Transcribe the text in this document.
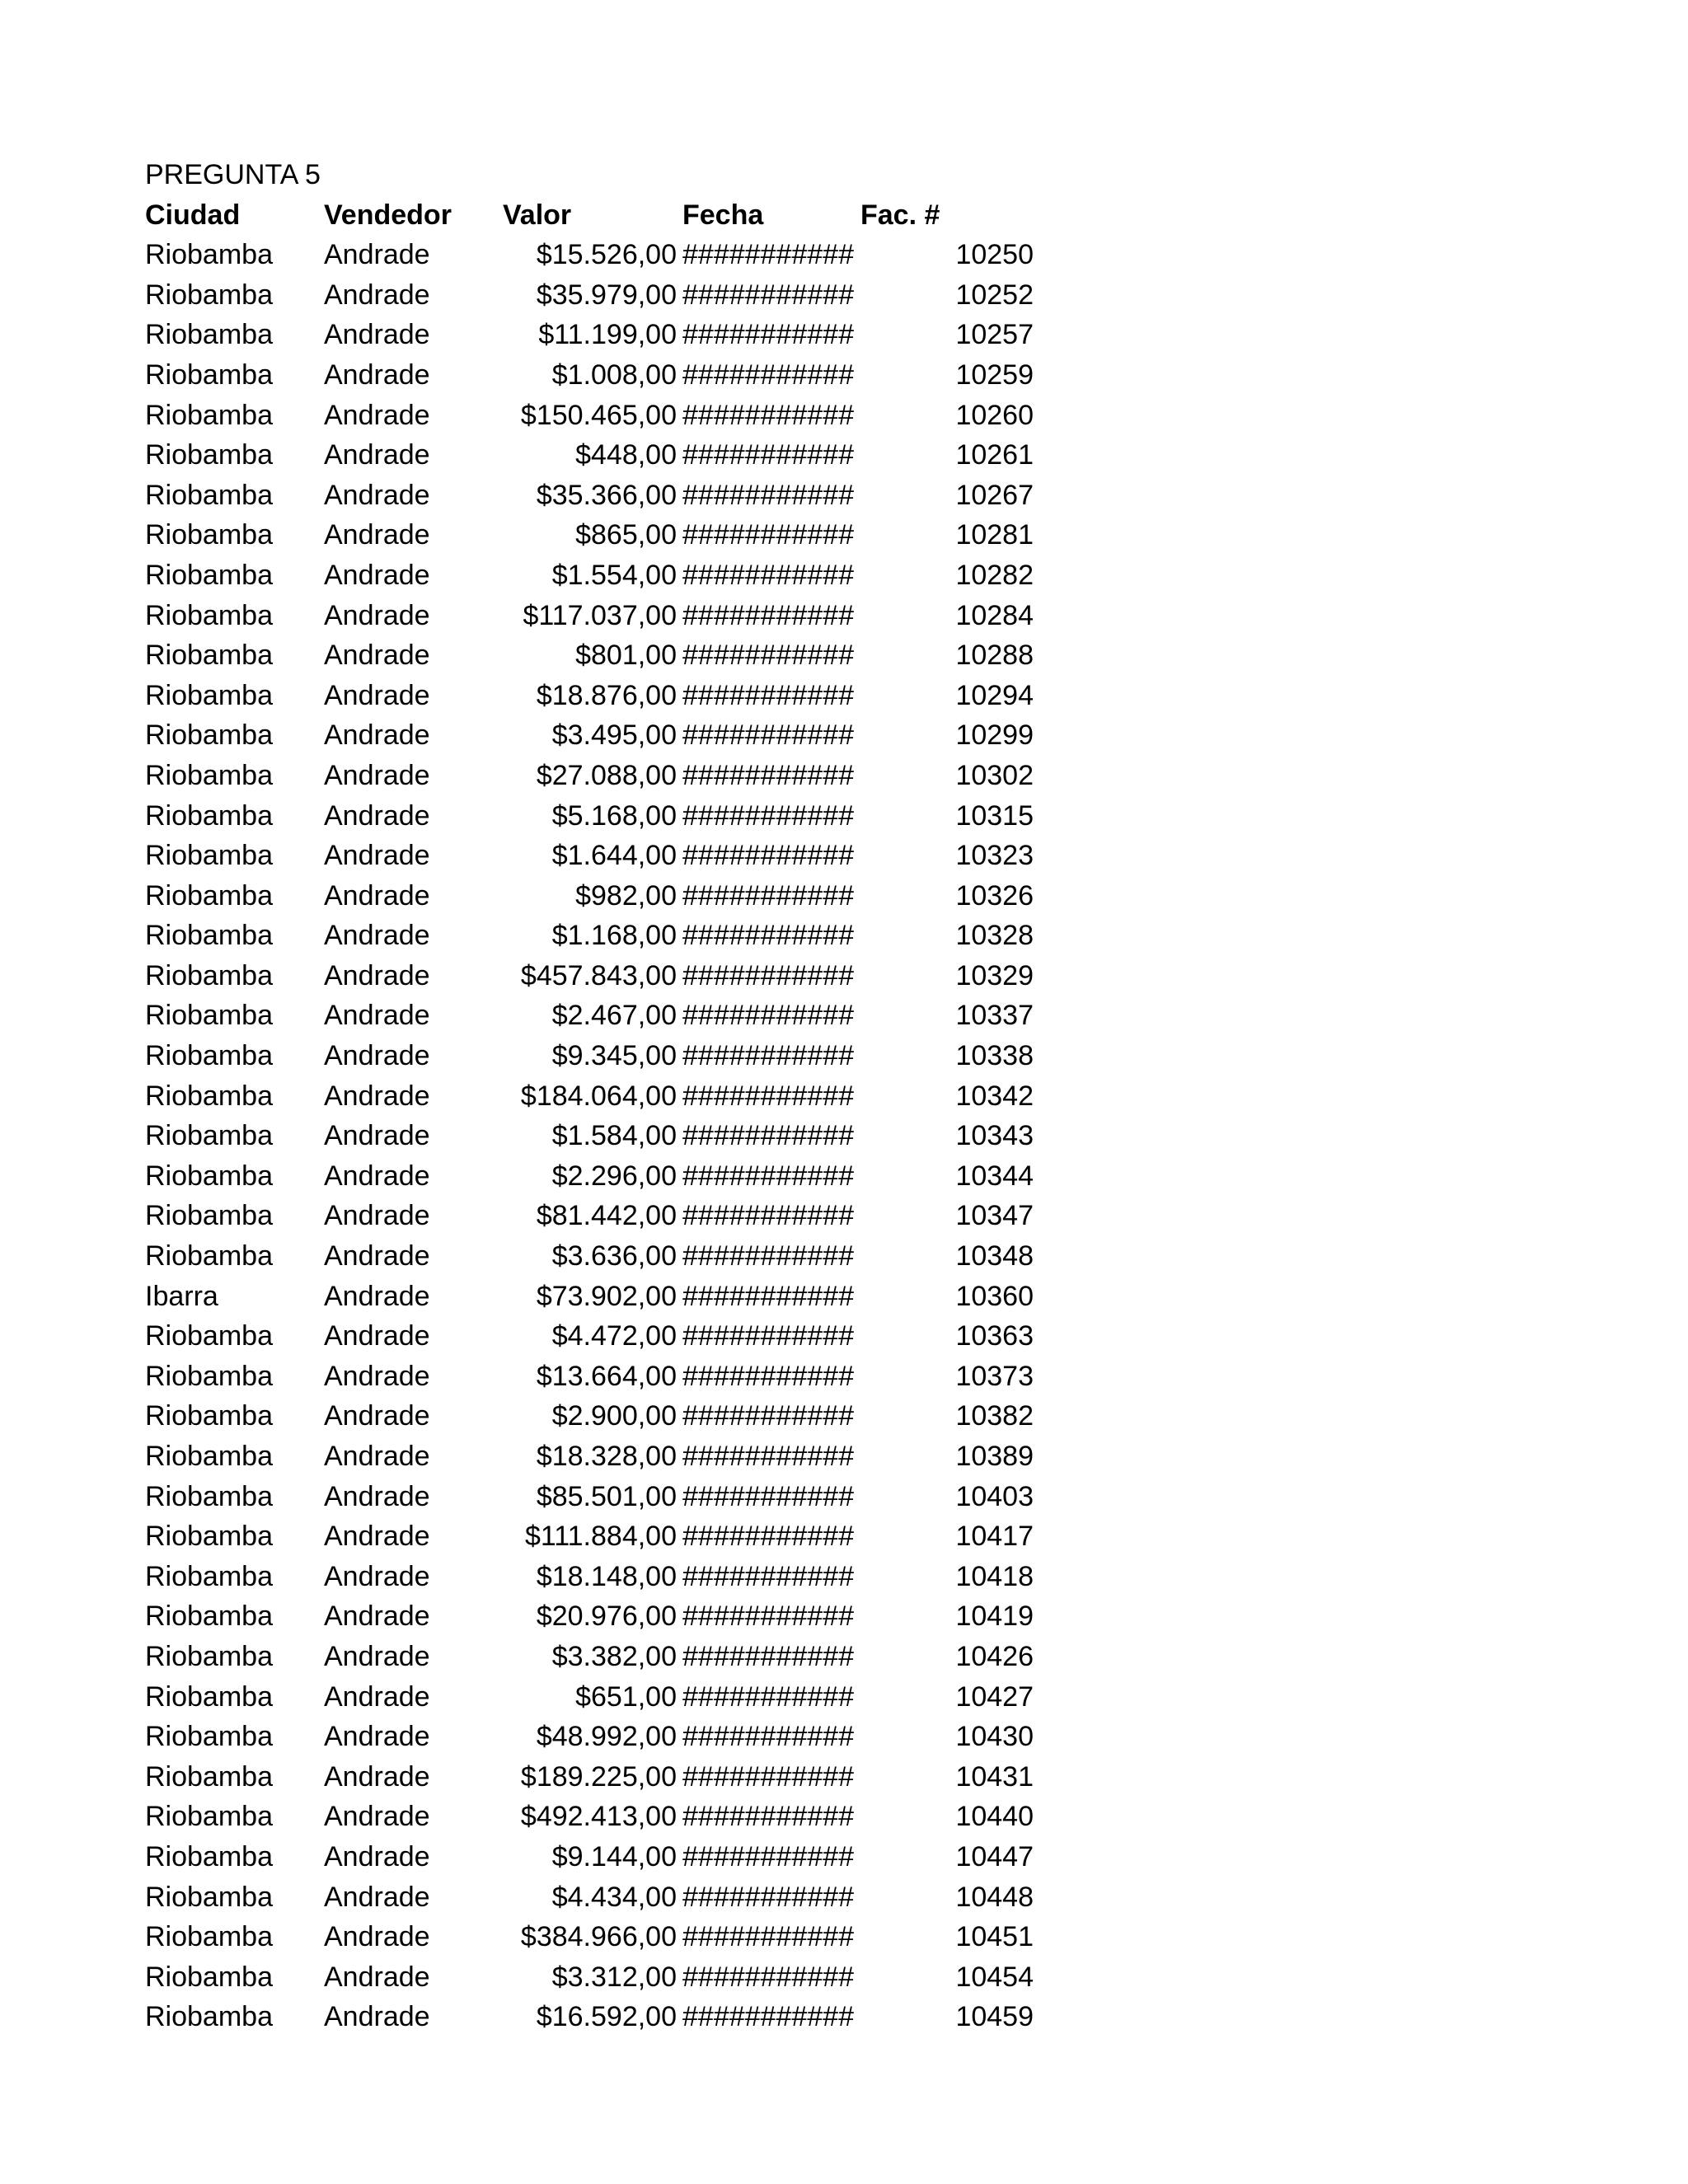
PREGUNTA 5
Ciudad	Vendedor	Valor	Fecha	Fac. #
Riobamba	Andrade	$15.526,00 ###########	10250
Riobamba	Andrade	$35.979,00 ###########	10252
Riobamba	Andrade	$11.199,00 ###########	10257
Riobamba	Andrade	$1.008,00 ###########	10259
Riobamba	Andrade	$150.465,00 ###########	10260
Riobamba	Andrade	$448,00 ###########	10261
Riobamba	Andrade	$35.366,00 ###########	10267
Riobamba	Andrade	$865,00 ###########	10281
Riobamba	Andrade	$1.554,00 ###########	10282
Riobamba	Andrade	$117.037,00 ###########	10284
Riobamba	Andrade	$801,00 ###########	10288
Riobamba	Andrade	$18.876,00 ###########	10294
Riobamba	Andrade	$3.495,00 ###########	10299
Riobamba	Andrade	$27.088,00 ###########	10302
Riobamba	Andrade	$5.168,00 ###########	10315
Riobamba	Andrade	$1.644,00 ###########	10323
Riobamba	Andrade	$982,00 ###########	10326
Riobamba	Andrade	$1.168,00 ###########	10328
Riobamba	Andrade	$457.843,00 ###########	10329
Riobamba	Andrade	$2.467,00 ###########	10337
Riobamba	Andrade	$9.345,00 ###########	10338
Riobamba	Andrade	$184.064,00 ###########	10342
Riobamba	Andrade	$1.584,00 ###########	10343
Riobamba	Andrade	$2.296,00 ###########	10344
Riobamba	Andrade	$81.442,00 ###########	10347
Riobamba	Andrade	$3.636,00 ###########	10348
Ibarra	Andrade	$73.902,00 ###########	10360
Riobamba	Andrade	$4.472,00 ###########	10363
Riobamba	Andrade	$13.664,00 ###########	10373
Riobamba	Andrade	$2.900,00 ###########	10382
Riobamba	Andrade	$18.328,00 ###########	10389
Riobamba	Andrade	$85.501,00 ###########	10403
Riobamba	Andrade	$111.884,00 ###########	10417
Riobamba	Andrade	$18.148,00 ###########	10418
Riobamba	Andrade	$20.976,00 ###########	10419
Riobamba	Andrade	$3.382,00 ###########	10426
Riobamba	Andrade	$651,00 ###########	10427
Riobamba	Andrade	$48.992,00 ###########	10430
Riobamba	Andrade	$189.225,00 ###########	10431
Riobamba	Andrade	$492.413,00 ###########	10440
Riobamba	Andrade	$9.144,00 ###########	10447
Riobamba	Andrade	$4.434,00 ###########	10448
Riobamba	Andrade	$384.966,00 ###########	10451
Riobamba	Andrade	$3.312,00 ###########	10454
Riobamba	Andrade	$16.592,00 ###########	10459
